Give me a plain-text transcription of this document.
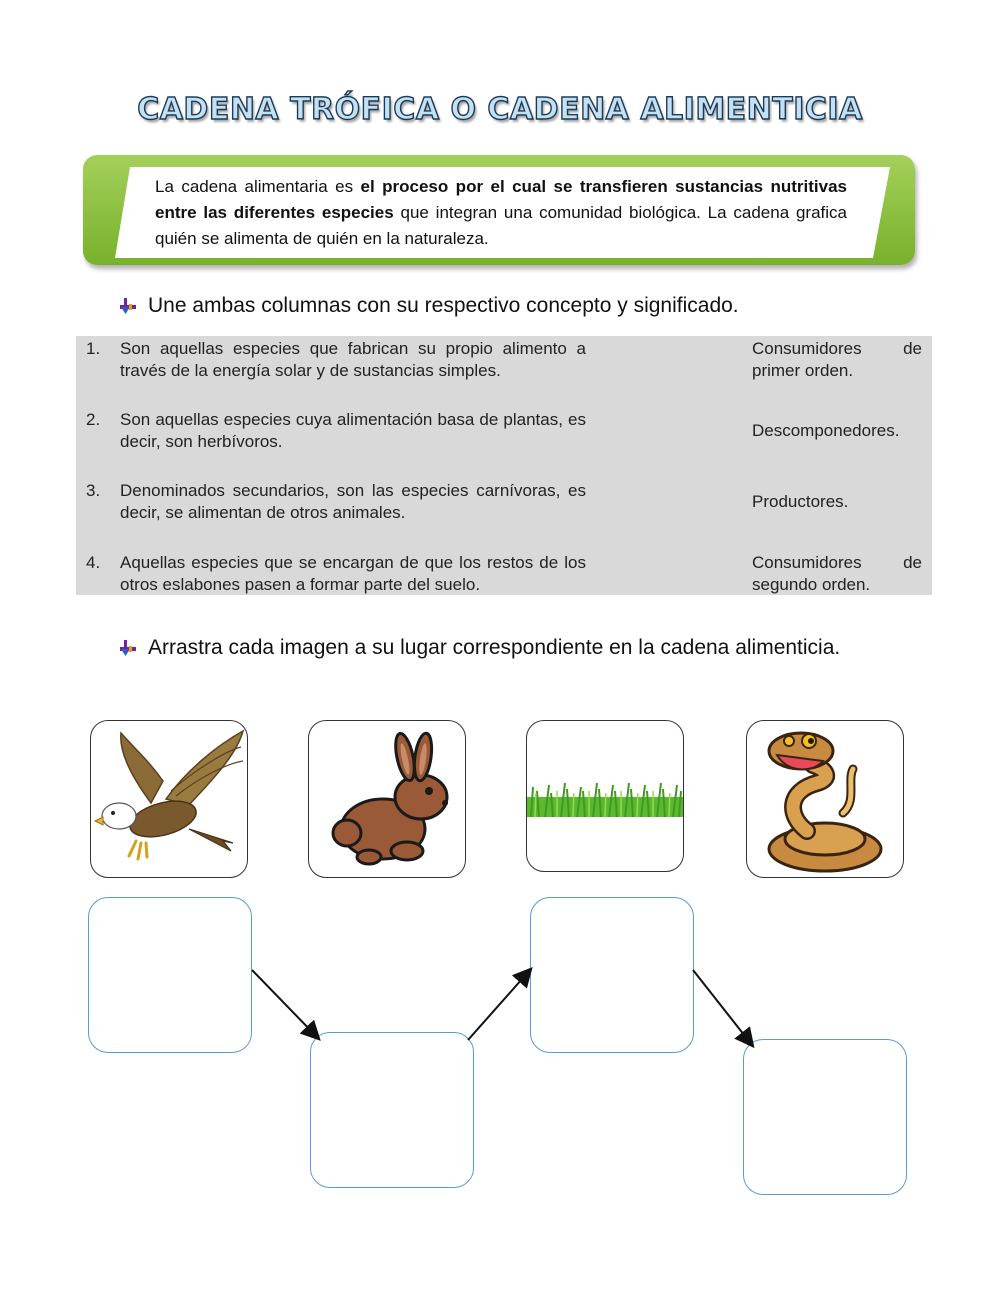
CADENA TRÓFICA O CADENA ALIMENTICIA
La cadena alimentaria es el proceso por el cual se transfieren sustancias nutritivas entre las diferentes especies que integran una comunidad biológica. La cadena grafica quién se alimenta de quién en la naturaleza.
Une ambas columnas con su respectivo concepto y significado.
1. Son aquellas especies que fabrican su propio alimento a través de la energía solar y de sustancias simples.
2. Son aquellas especies cuya alimentación basa de plantas, es decir, son herbívoros.
3. Denominados secundarios, son las especies carnívoras, es decir, se alimentan de otros animales.
4. Aquellas especies que se encargan de que los restos de los otros eslabones pasen a formar parte del suelo.
Consumidores de primer orden.
Descomponedores.
Productores.
Consumidores de segundo orden.
Arrastra cada imagen a su lugar correspondiente en la cadena alimenticia.
